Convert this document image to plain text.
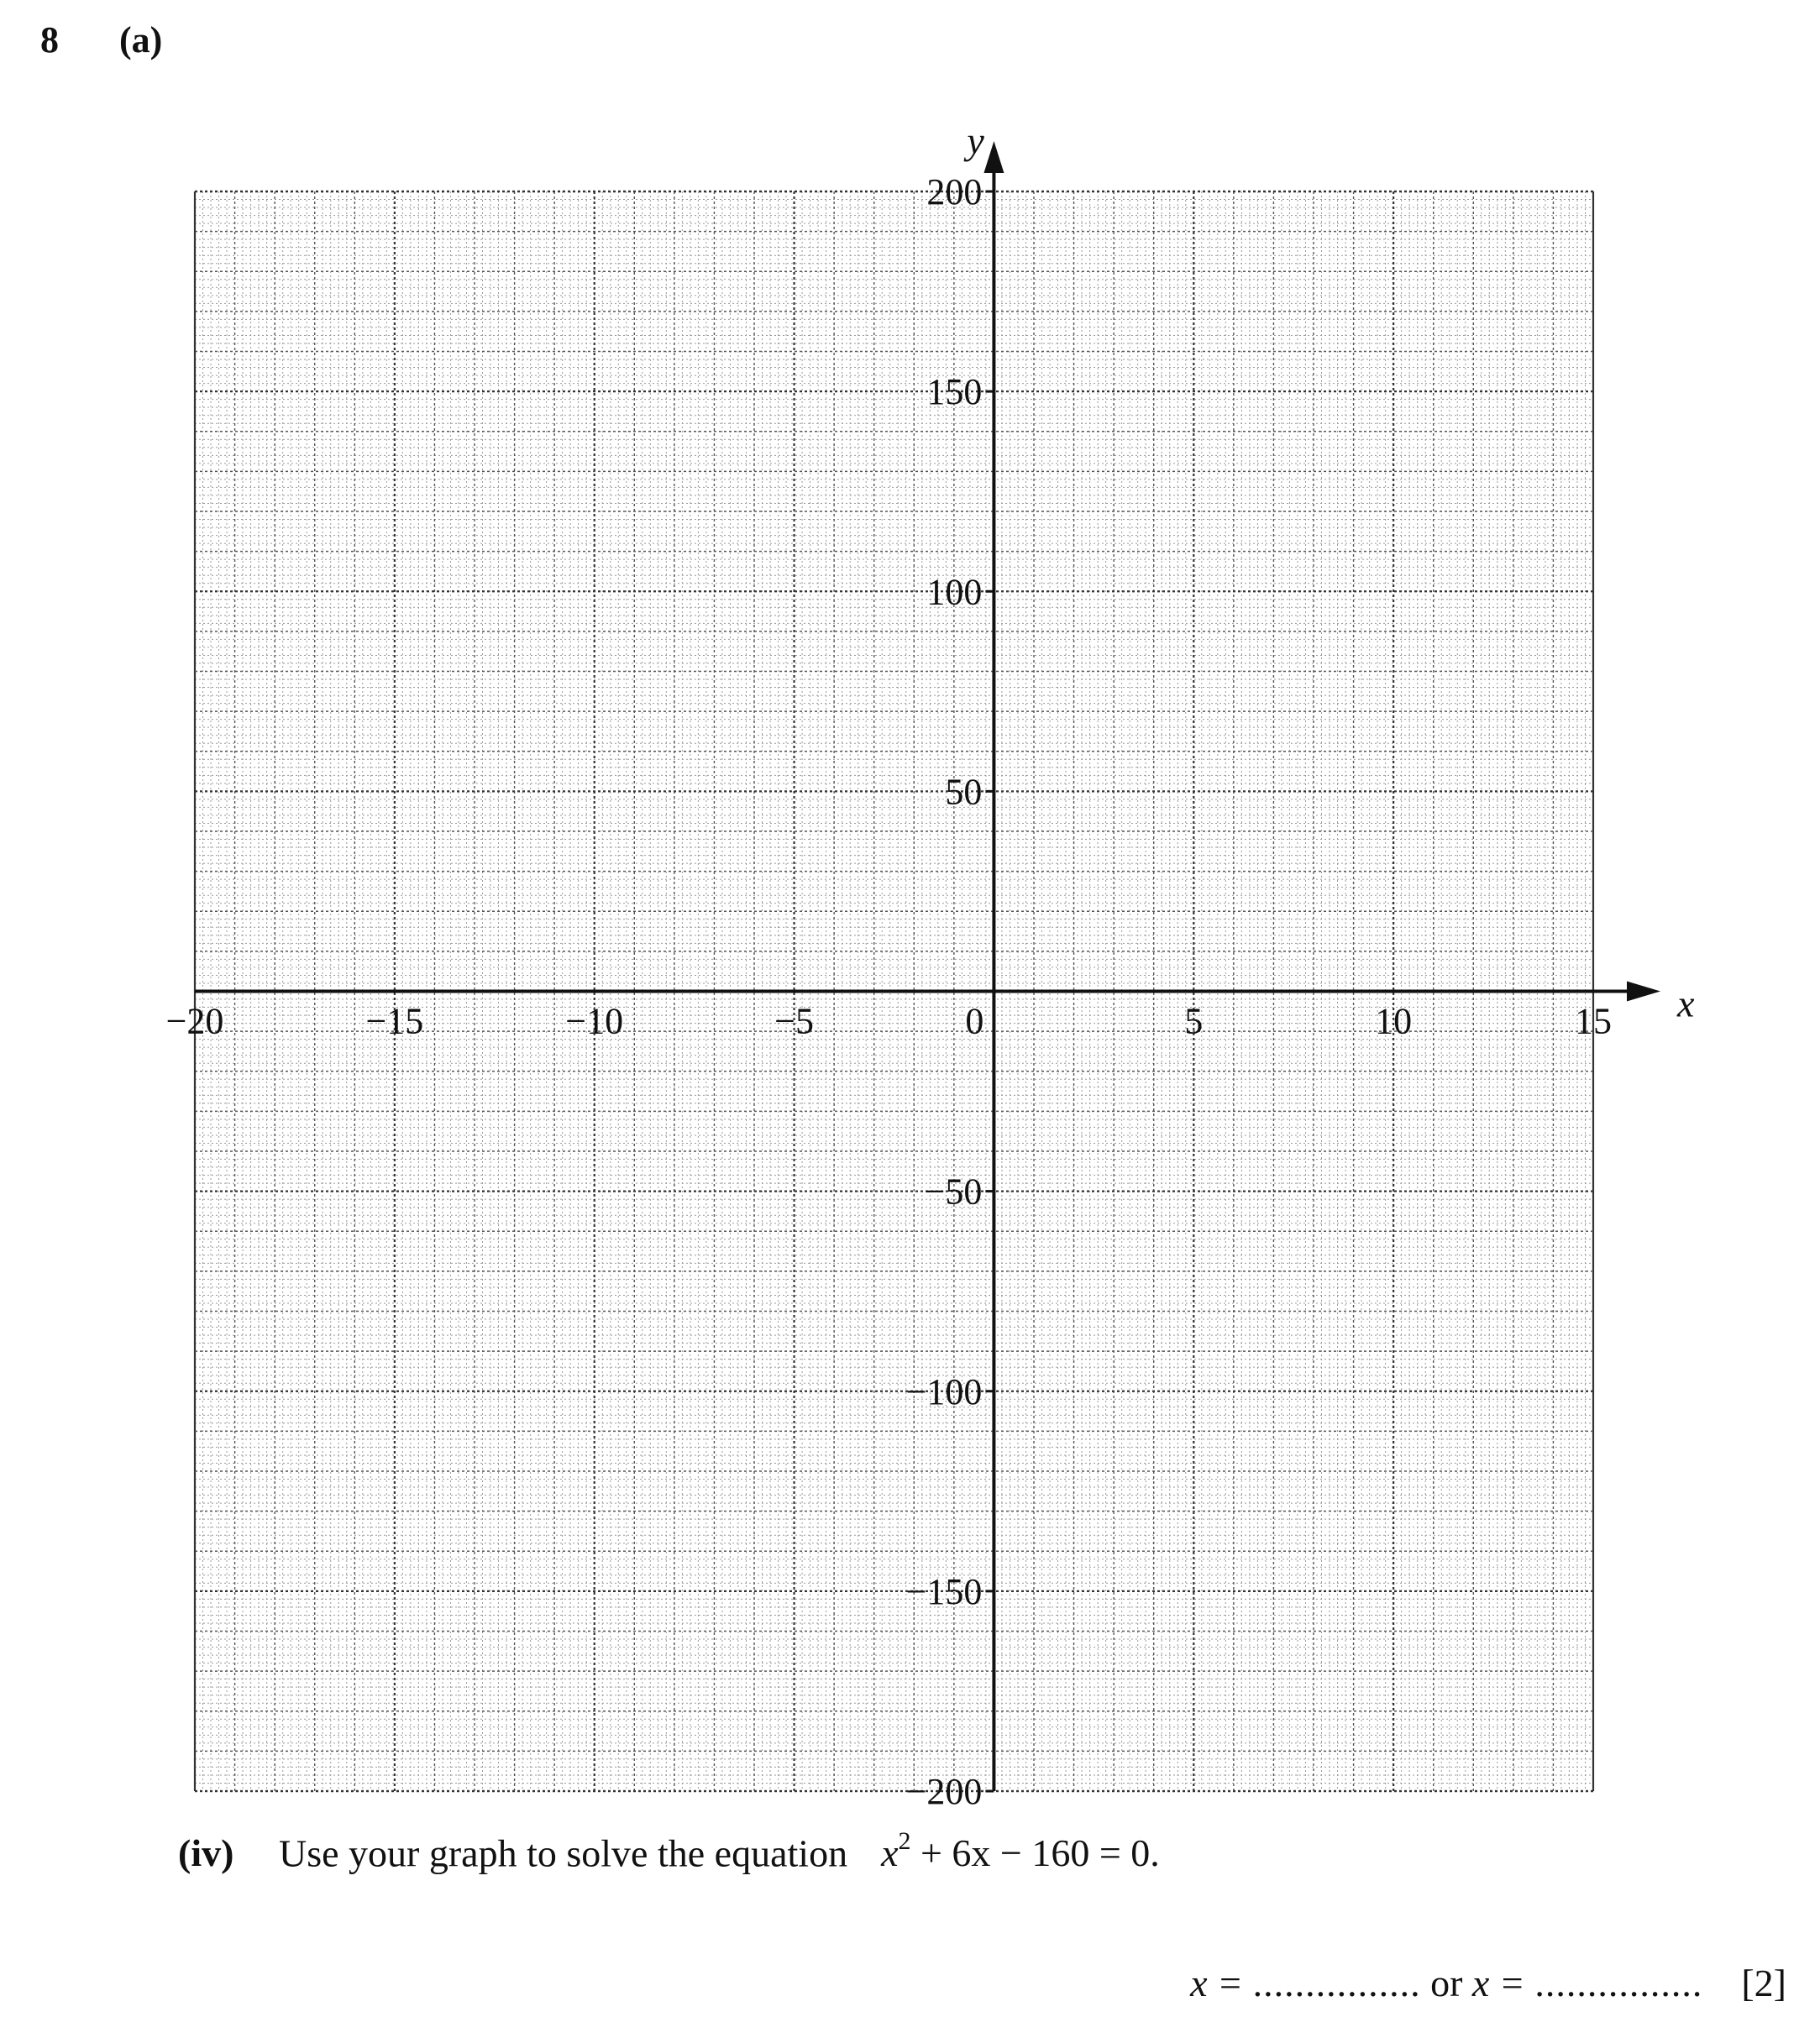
8 (a)
x
y
−20	−15	−10	−5	0	5	10	15
200
150
100
50
−50
−100
−150
−200
(iv) Use your graph to solve the equation $x^2 + 6x - 160 = 0$.
x = ................ or x = ................ [2]
